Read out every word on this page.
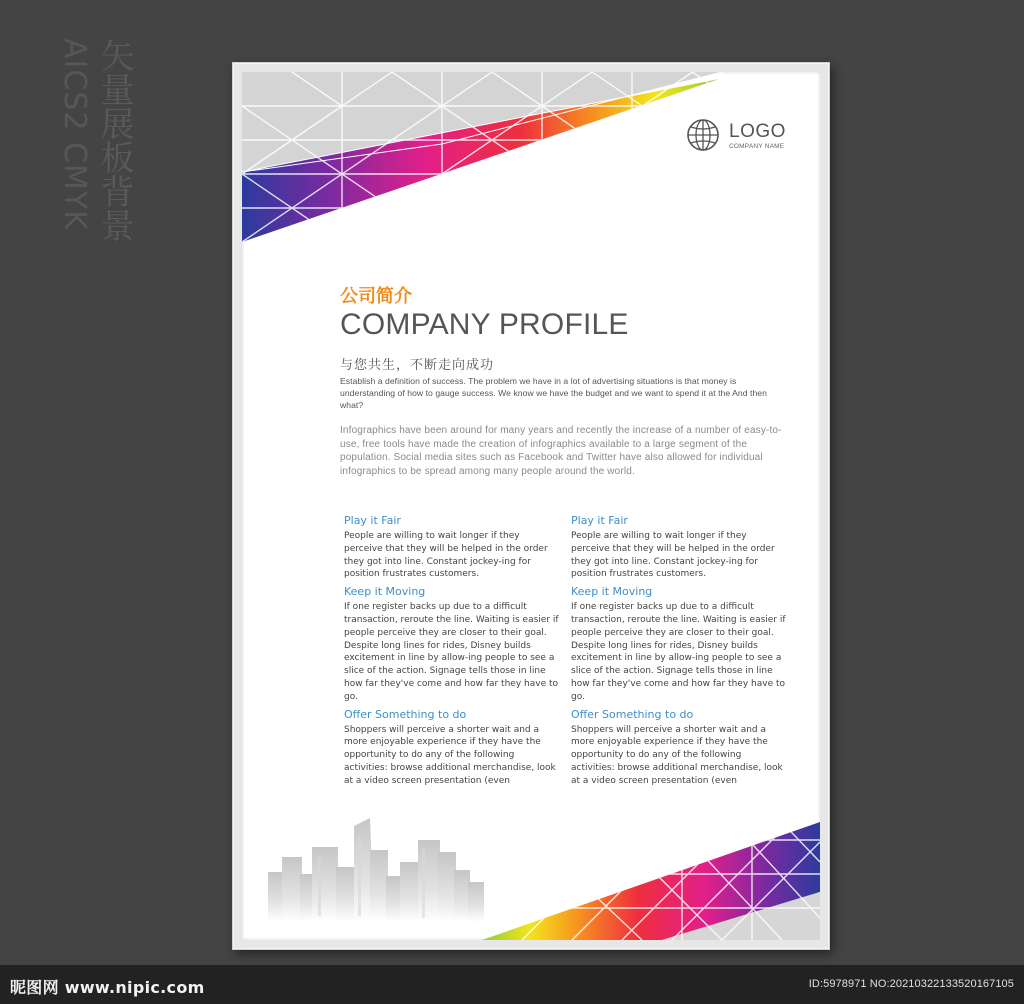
矢量展板背景
AICS2 CMYK	LOGO
COMPANY NAME
公司简介
COMPANY PROFILE
与您共生，不断走向成功
Establish a definition of success. The problem we have in a lot of advertising situations is that money is understanding of how to gauge success. We know we have the budget and we want to spend it at the And then what?
Infographics have been around for many years and recently the increase of a number of easy-to-use, free tools have made the creation of infographics available to a large segment of the population. Social media sites such as Facebook and Twitter have also allowed for individual infographics to be spread among many people around the world.
Play it Fair

People are willing to wait longer if they perceive that they will be helped in the order they got into line. Constant jockey-ing for position frustrates customers.

Keep it Moving

If one register backs up due to a difficult transaction, reroute the line. Waiting is easier if people perceive they are closer to their goal. Despite long lines for rides, Disney builds excitement in line by allow-ing people to see a slice of the action. Signage tells those in line how far they've come and how far they have to go.

Offer Something to do

Shoppers will perceive a shorter wait and a more enjoyable experience if they have the opportunity to do any of the following activities: browse additional merchandise, look at a video screen presentation (even

Play it Fair

People are willing to wait longer if they perceive that they will be helped in the order they got into line. Constant jockey-ing for position frustrates customers.

Keep it Moving

If one register backs up due to a difficult transaction, reroute the line. Waiting is easier if people perceive they are closer to their goal. Despite long lines for rides, Disney builds excitement in line by allow-ing people to see a slice of the action. Signage tells those in line how far they've come and how far they have to go.

Offer Something to do

Shoppers will perceive a shorter wait and a more enjoyable experience if they have the opportunity to do any of the following activities: browse additional merchandise, look at a video screen presentation (even

昵图网 www.nipic.com	ID:5978971 NO:20210322133520167105
